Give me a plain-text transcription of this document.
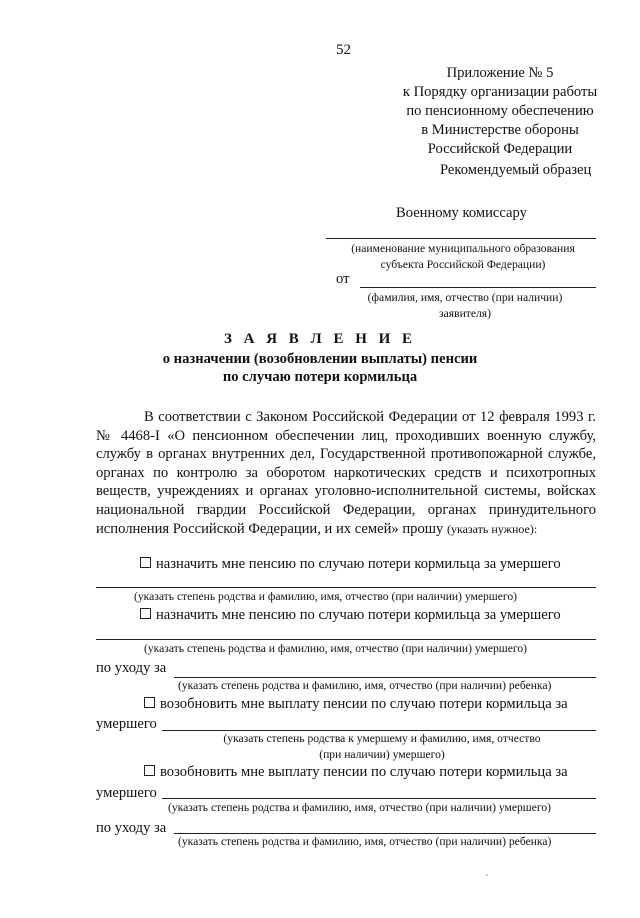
52
Приложение № 5
к Порядку организации работы
по пенсионному обеспечению
в Министерстве обороны
Российской Федерации
Рекомендуемый образец
Военному комиссару
(наименование муниципального образования
субъекта Российской Федерации)
от
(фамилия, имя, отчество (при наличии)
заявителя)
З А Я В Л Е Н И Е
о назначении (возобновлении выплаты) пенсии
по случаю потери кормильца
В соответствии с Законом Российской Федерации от 12 февраля 1993 г. № 4468-I «О пенсионном обеспечении лиц, проходивших военную службу, службу в органах внутренних дел, Государственной противопожарной службе, органах по контролю за оборотом наркотических средств и психотропных веществ, учреждениях и органах уголовно-исполнительной системы, войсках национальной гвардии Российской Федерации, органах принудительного исполнения Российской Федерации, и их семей» прошу (указать нужное):
назначить мне пенсию по случаю потери кормильца за умершего
(указать степень родства и фамилию, имя, отчество (при наличии) умершего)
назначить мне пенсию по случаю потери кормильца за умершего
(указать степень родства и фамилию, имя, отчество (при наличии) умершего)
по уходу за
(указать степень родства и фамилию, имя, отчество (при наличии) ребенка)
возобновить мне выплату пенсии по случаю потери кормильца за
умершего
(указать степень родства к умершему и фамилию, имя, отчество
(при наличии) умершего)
возобновить мне выплату пенсии по случаю потери кормильца за
умершего
(указать степень родства и фамилию, имя, отчество (при наличии) умершего)
по уходу за
(указать степень родства и фамилию, имя, отчество (при наличии) ребенка)
